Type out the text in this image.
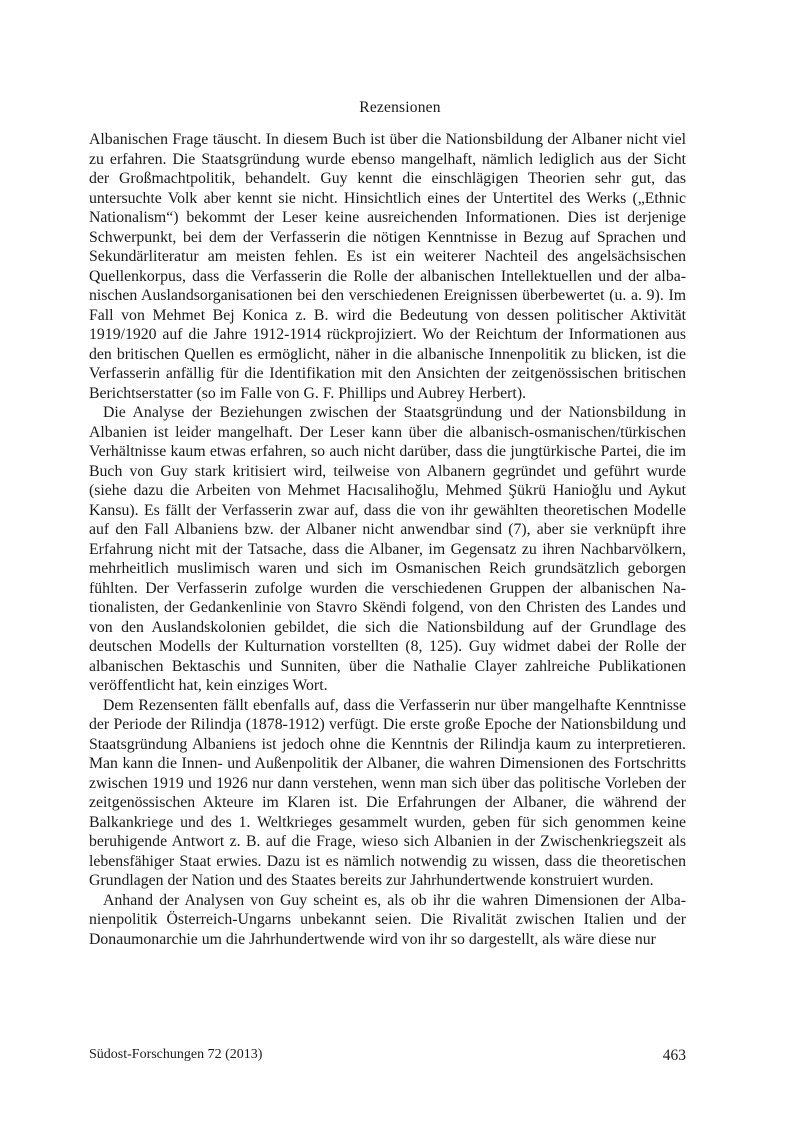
Rezensionen

Albanischen Frage täuscht. In diesem Buch ist über die Nationsbildung der Albaner nicht viel zu erfahren. Die Staatsgründung wurde ebenso mangelhaft, nämlich lediglich aus der Sicht der Großmachtpolitik, behandelt. Guy kennt die einschlägigen Theorien sehr gut, das untersuchte Volk aber kennt sie nicht. Hinsichtlich eines der Untertitel des Werks („Ethnic Nationalism“) bekommt der Leser keine ausreichenden Informationen. Dies ist derjenige Schwerpunkt, bei dem der Verfasserin die nötigen Kenntnisse in Bezug auf Sprachen und Sekundärliteratur am meisten fehlen. Es ist ein weiterer Nachteil des angelsächsischen Quellenkorpus, dass die Verfasserin die Rolle der albanischen Intellektuellen und der albanischen Auslandsorganisationen bei den verschiedenen Ereignissen überbewertet (u. a. 9). Im Fall von Mehmet Bej Konica z. B. wird die Bedeutung von dessen politischer Aktivität 1919/1920 auf die Jahre 1912-1914 rückprojiziert. Wo der Reichtum der Informationen aus den britischen Quellen es ermöglicht, näher in die albanische Innenpolitik zu blicken, ist die Verfasserin anfällig für die Identifikation mit den Ansichten der zeitgenössischen britischen Berichtserstatter (so im Falle von G. F. Phillips und Aubrey Herbert).

Die Analyse der Beziehungen zwischen der Staatsgründung und der Nationsbildung in Albanien ist leider mangelhaft. Der Leser kann über die albanisch-osmanischen/türkischen Verhältnisse kaum etwas erfahren, so auch nicht darüber, dass die jungtürkische Partei, die im Buch von Guy stark kritisiert wird, teilweise von Albanern gegründet und geführt wurde (siehe dazu die Arbeiten von Mehmet Hacısalihoğlu, Mehmed Şükrü Hanioğlu und Aykut Kansu). Es fällt der Verfasserin zwar auf, dass die von ihr gewählten theoretischen Modelle auf den Fall Albaniens bzw. der Albaner nicht anwendbar sind (7), aber sie verknüpft ihre Erfahrung nicht mit der Tatsache, dass die Albaner, im Gegensatz zu ihren Nachbarvölkern, mehrheitlich muslimisch waren und sich im Osmanischen Reich grundsätzlich geborgen fühlten. Der Verfasserin zufolge wurden die verschiedenen Gruppen der albanischen Nationalisten, der Gedankenlinie von Stavro Skëndi folgend, von den Christen des Landes und von den Auslandskolonien gebildet, die sich die Nationsbildung auf der Grundlage des deutschen Modells der Kulturnation vorstellten (8, 125). Guy widmet dabei der Rolle der albanischen Bektaschis und Sunniten, über die Nathalie Clayer zahlreiche Publikationen veröffentlicht hat, kein einziges Wort.

Dem Rezensenten fällt ebenfalls auf, dass die Verfasserin nur über mangelhafte Kenntnisse der Periode der Rilindja (1878-1912) verfügt. Die erste große Epoche der Nationsbildung und Staatsgründung Albaniens ist jedoch ohne die Kenntnis der Rilindja kaum zu interpretieren. Man kann die Innen- und Außenpolitik der Albaner, die wahren Dimensionen des Fortschritts zwischen 1919 und 1926 nur dann verstehen, wenn man sich über das politische Vorleben der zeitgenössischen Akteure im Klaren ist. Die Erfahrungen der Albaner, die während der Balkankriege und des 1. Weltkrieges gesammelt wurden, geben für sich genommen keine beruhigende Antwort z. B. auf die Frage, wieso sich Albanien in der Zwischenkriegszeit als lebensfähiger Staat erwies. Dazu ist es nämlich notwendig zu wissen, dass die theoretischen Grundlagen der Nation und des Staates bereits zur Jahrhundertwende konstruiert wurden.

Anhand der Analysen von Guy scheint es, als ob ihr die wahren Dimensionen der Albanienpolitik Österreich-Ungarns unbekannt seien. Die Rivalität zwischen Italien und der Donaumonarchie um die Jahrhundertwende wird von ihr so dargestellt, als wäre diese nur

Südost-Forschungen 72 (2013)	463
